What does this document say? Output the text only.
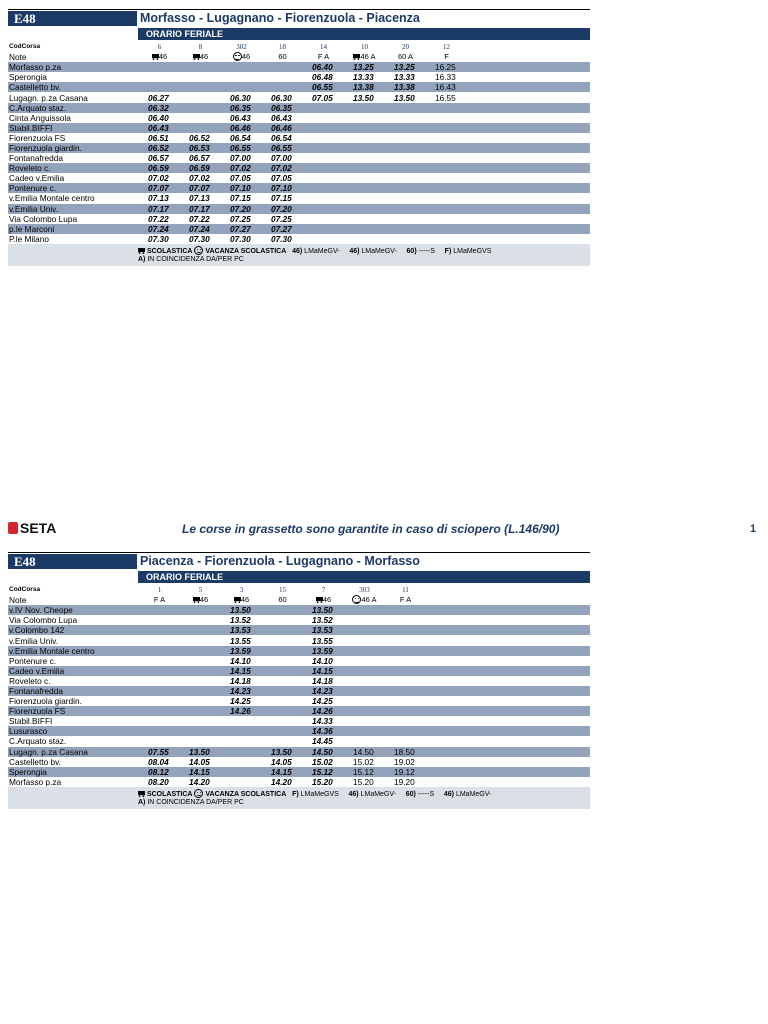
E48	Morfasso - Lugagnano - Fiorenzuola - Piacenza
ORARIO FERIALE
CodCorsa	6	8	302	18	14	10	20	12	
Note	46	46	46	60	F A	46 A	60 A	F	
Morfasso p.za					06.40	13.25	13.25	16.25	
Sperongia					06.48	13.33	13.33	16.33	
Castelletto bv.					06.55	13.38	13.38	16.43	
Lugagn. p.za Casana	06.27		06.30	06.30	07.05	13.50	13.50	16.55	
C.Arquato staz.	06.32		06.35	06.35					
Cinta Anguissola	06.40		06.43	06.43					
Stabil.BIFFI	06.43		06.46	06.46					
Fiorenzuola FS	06.51	06.52	06.54	06.54					
Fiorenzuola giardin.	06.52	06.53	06.55	06.55					
Fontanafredda	06.57	06.57	07.00	07.00					
Roveleto c.	06.59	06.59	07.02	07.02					
Cadeo v.Emilia	07.02	07.02	07.05	07.05					
Pontenure c.	07.07	07.07	07.10	07.10					
v.Emilia Montale centro	07.13	07.13	07.15	07.15					
v.Emilia Univ.	07.17	07.17	07.20	07.20					
Via Colombo Lupa	07.22	07.22	07.25	07.25					
p.le Marconi	07.24	07.24	07.27	07.27					
P.le Milano	07.30	07.30	07.30	07.30					
SCOLASTICA VACANZA SCOLASTICA 46) LMaMeGV- 46) LMaMeGV- 60) -----S F) LMaMeGVS
A) IN COINCIDENZA DA/PER PC
SETA	Le corse in grassetto sono garantite in caso di sciopero (L.146/90)	1
E48	Piacenza - Fiorenzuola - Lugagnano - Morfasso
ORARIO FERIALE
CodCorsa	1	5	3	15	7	303	11	
Note	F A	46	46	60	46	46 A	F A	
v.IV Nov. Cheope			13.50		13.50			
Via Colombo Lupa			13.52		13.52			
v.Colombo 142			13.53		13.53			
v.Emilia Univ.			13.55		13.55			
v.Emilia Montale centro			13.59		13.59			
Pontenure c.			14.10		14.10			
Cadeo v.Emilia			14.15		14.15			
Roveleto c.			14.18		14.18			
Fontanafredda			14.23		14.23			
Fiorenzuola giardin.			14.25		14.25			
Fiorenzuola FS			14.26		14.26			
Stabil.BIFFI					14.33			
Lusurasco					14.36			
C.Arquato staz.					14.45			
Lugagn. p.za Casana	07.55	13.50		13.50	14.50	14.50	18.50	
Castelletto bv.	08.04	14.05		14.05	15.02	15.02	19.02	
Sperongia	08.12	14.15		14.15	15.12	15.12	19.12	
Morfasso p.za	08.20	14.20		14.20	15.20	15.20	19.20	
SCOLASTICA VACANZA SCOLASTICA F) LMaMeGVS 46) LMaMeGV- 60) -----S 46) LMaMeGV-
A) IN COINCIDENZA DA/PER PC
